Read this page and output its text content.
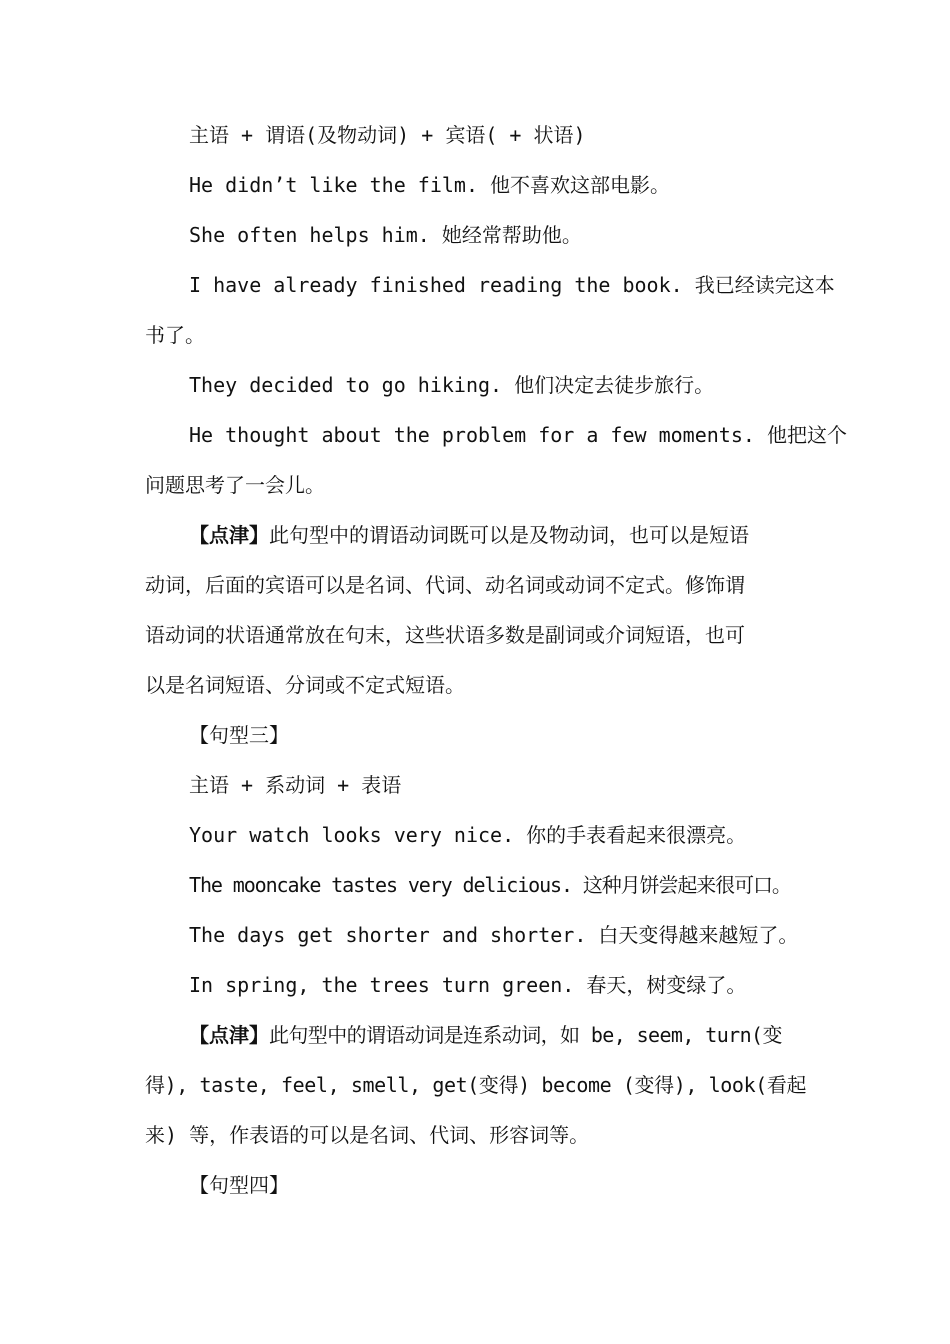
主语 + 谓语(及物动词) + 宾语( + 状语)
He didn’t like the film. 他不喜欢这部电影。
She often helps him. 她经常帮助他。
I have already finished reading the book. 我已经读完这本
书了。
They decided to go hiking. 他们决定去徒步旅行。
He thought about the problem for a few moments. 他把这个
问题思考了一会儿。
【点津】此句型中的谓语动词既可以是及物动词，也可以是短语
动词，后面的宾语可以是名词、代词、动名词或动词不定式。修饰谓
语动词的状语通常放在句末，这些状语多数是副词或介词短语，也可
以是名词短语、分词或不定式短语。
【句型三】
主语 + 系动词 + 表语
Your watch looks very nice. 你的手表看起来很漂亮。
The mooncake tastes very delicious. 这种月饼尝起来很可口。
The days get shorter and shorter. 白天变得越来越短了。
In spring, the trees turn green. 春天，树变绿了。
【点津】此句型中的谓语动词是连系动词，如 be, seem, turn(变
得), taste, feel, smell, get(变得) become (变得), look(看起
来) 等，作表语的可以是名词、代词、形容词等。
【句型四】
